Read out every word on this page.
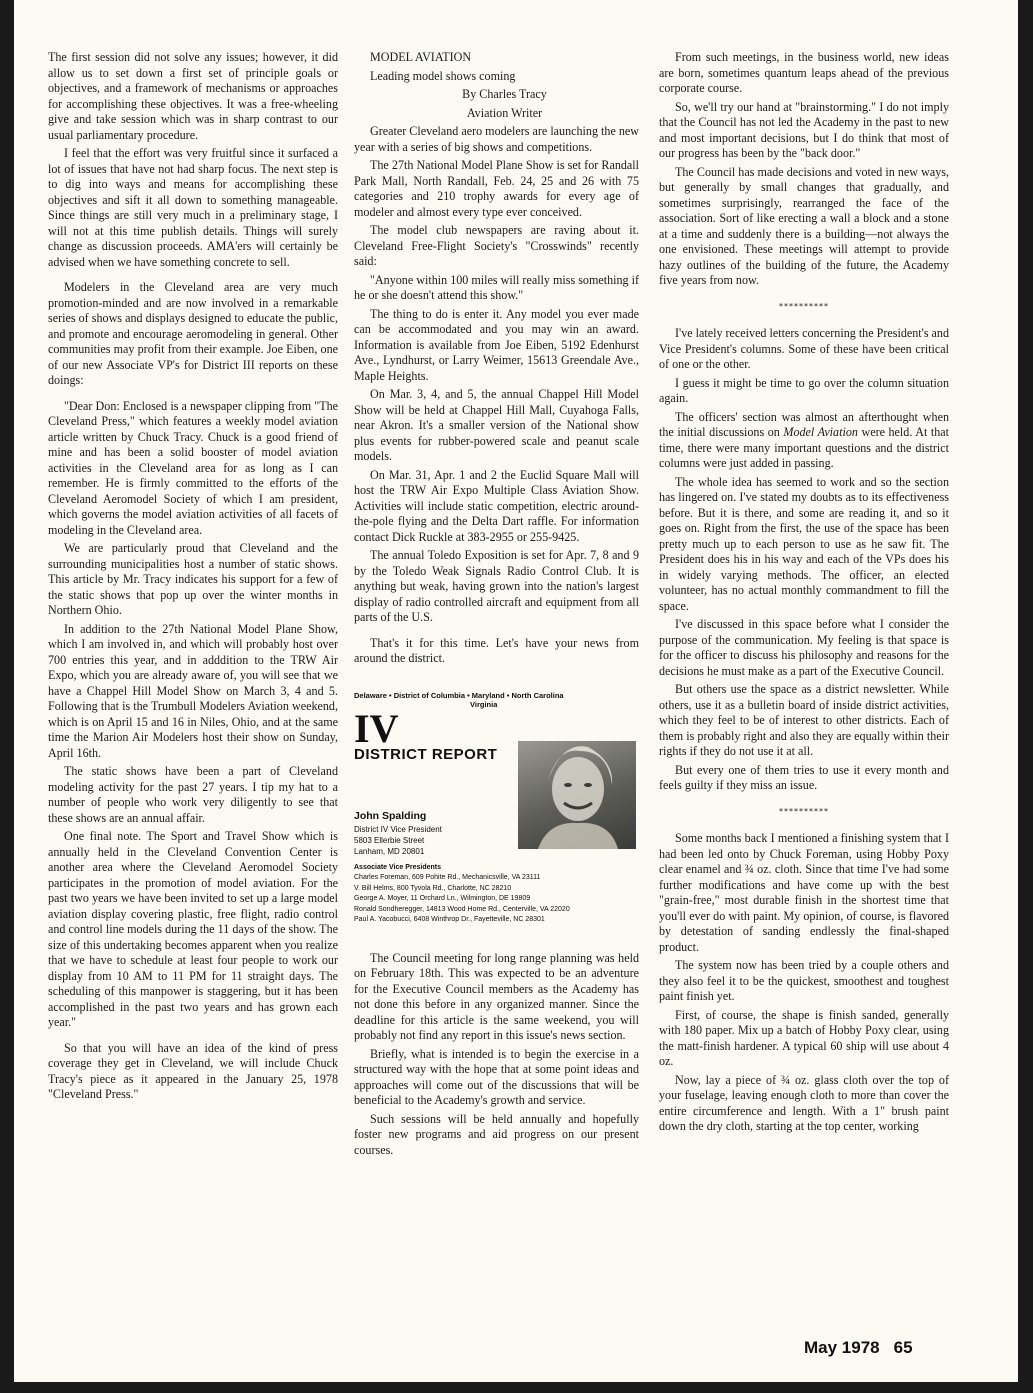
The first session did not solve any issues; however, it did allow us to set down a first set of principle goals or objectives, and a framework of mechanisms or approaches for accomplishing these objectives. It was a free-wheeling give and take session which was in sharp contrast to our usual parliamentary procedure.

I feel that the effort was very fruitful since it surfaced a lot of issues that have not had sharp focus. The next step is to dig into ways and means for accomplishing these objectives and sift it all down to something manageable. Since things are still very much in a preliminary stage, I will not at this time publish details. Things will surely change as discussion proceeds. AMA'ers will certainly be advised when we have something concrete to sell.

Modelers in the Cleveland area are very much promotion-minded and are now involved in a remarkable series of shows and displays designed to educate the public, and promote and encourage aeromodeling in general. Other communities may profit from their example. Joe Eiben, one of our new Associate VP's for District III reports on these doings:

"Dear Don: Enclosed is a newspaper clipping from "The Cleveland Press," which features a weekly model aviation article written by Chuck Tracy. Chuck is a good friend of mine and has been a solid booster of model aviation activities in the Cleveland area for as long as I can remember. He is firmly committed to the efforts of the Cleveland Aeromodel Society of which I am president, which governs the model aviation activities of all facets of modeling in the Cleveland area.

We are particularly proud that Cleveland and the surrounding municipalities host a number of static shows. This article by Mr. Tracy indicates his support for a few of the static shows that pop up over the winter months in Northern Ohio.

In addition to the 27th National Model Plane Show, which I am involved in, and which will probably host over 700 entries this year, and in adddition to the TRW Air Expo, which you are already aware of, you will see that we have a Chappel Hill Model Show on March 3, 4 and 5. Following that is the Trumbull Modelers Aviation weekend, which is on April 15 and 16 in Niles, Ohio, and at the same time the Marion Air Modelers host their show on Sunday, April 16th.

The static shows have been a part of Cleveland modeling activity for the past 27 years. I tip my hat to a number of people who work very diligently to see that these shows are an annual affair.

One final note. The Sport and Travel Show which is annually held in the Cleveland Convention Center is another area where the Cleveland Aeromodel Society participates in the promotion of model aviation. For the past two years we have been invited to set up a large model aviation display covering plastic, free flight, radio control and control line models during the 11 days of the show. The size of this undertaking becomes apparent when you realize that we have to schedule at least four people to work our display from 10 AM to 11 PM for 11 straight days. The scheduling of this manpower is staggering, but it has been accomplished in the past two years and has grown each year."

So that you will have an idea of the kind of press coverage they get in Cleveland, we will include Chuck Tracy's piece as it appeared in the January 25, 1978 "Cleveland Press."

MODEL AVIATION

Leading model shows coming

By Charles Tracy

Aviation Writer

Greater Cleveland aero modelers are launching the new year with a series of big shows and competitions.

The 27th National Model Plane Show is set for Randall Park Mall, North Randall, Feb. 24, 25 and 26 with 75 categories and 210 trophy awards for every age of modeler and almost every type ever conceived.

The model club newspapers are raving about it. Cleveland Free-Flight Society's "Crosswinds" recently said:

"Anyone within 100 miles will really miss something if he or she doesn't attend this show."

The thing to do is enter it. Any model you ever made can be accommodated and you may win an award. Information is available from Joe Eiben, 5192 Edenhurst Ave., Lyndhurst, or Larry Weimer, 15613 Greendale Ave., Maple Heights.

On Mar. 3, 4, and 5, the annual Chappel Hill Model Show will be held at Chappel Hill Mall, Cuyahoga Falls, near Akron. It's a smaller version of the National show plus events for rubber-powered scale and peanut scale models.

On Mar. 31, Apr. 1 and 2 the Euclid Square Mall will host the TRW Air Expo Multiple Class Aviation Show. Activities will include static competition, electric around-the-pole flying and the Delta Dart raffle. For information contact Dick Ruckle at 383-2955 or 255-9425.

The annual Toledo Exposition is set for Apr. 7, 8 and 9 by the Toledo Weak Signals Radio Control Club. It is anything but weak, having grown into the nation's largest display of radio controlled aircraft and equipment from all parts of the U.S.

That's it for this time. Let's have your news from around the district.

Delaware • District of Columbia • Maryland • North Carolina
Virginia
IV
DISTRICT REPORT
John Spalding
District IV Vice President
5803 Ellerbie Street
Lanham, MD 20801
Associate Vice Presidents
Charles Foreman, 609 Pohite Rd., Mechanicsville, VA 23111
V. Bill Helms, 800 Tyvola Rd., Charlotte, NC 28210
George A. Moyer, 11 Orchard Ln., Wilmington, DE 19809
Ronald Sondheregger, 14813 Wood Home Rd., Centerville, VA 22020
Paul A. Yacobucci, 6408 Winthrop Dr., Fayetteville, NC 28301

The Council meeting for long range planning was held on February 18th. This was expected to be an adventure for the Executive Council members as the Academy has not done this before in any organized manner. Since the deadline for this article is the same weekend, you will probably not find any report in this issue's news section.

Briefly, what is intended is to begin the exercise in a structured way with the hope that at some point ideas and approaches will come out of the discussions that will be beneficial to the Academy's growth and service.

Such sessions will be held annually and hopefully foster new programs and aid progress on our present courses.

From such meetings, in the business world, new ideas are born, sometimes quantum leaps ahead of the previous corporate course.

So, we'll try our hand at "brainstorming." I do not imply that the Council has not led the Academy in the past to new and most important decisions, but I do think that most of our progress has been by the "back door."

The Council has made decisions and voted in new ways, but generally by small changes that gradually, and sometimes surprisingly, rearranged the face of the association. Sort of like erecting a wall a block and a stone at a time and suddenly there is a building—not always the one envisioned. These meetings will attempt to provide hazy outlines of the building of the future, the Academy five years from now.

**********

I've lately received letters concerning the President's and Vice President's columns. Some of these have been critical of one or the other.

I guess it might be time to go over the column situation again.

The officers' section was almost an afterthought when the initial discussions on Model Aviation were held. At that time, there were many important questions and the district columns were just added in passing.

The whole idea has seemed to work and so the section has lingered on. I've stated my doubts as to its effectiveness before. But it is there, and some are reading it, and so it goes on. Right from the first, the use of the space has been pretty much up to each person to use as he saw fit. The President does his in his way and each of the VPs does his in widely varying methods. The officer, an elected volunteer, has no actual monthly commandment to fill the space.

I've discussed in this space before what I consider the purpose of the communication. My feeling is that space is for the officer to discuss his philosophy and reasons for the decisions he must make as a part of the Executive Council.

But others use the space as a district newsletter. While others, use it as a bulletin board of inside district activities, which they feel to be of interest to other districts. Each of them is probably right and also they are equally within their rights if they do not use it at all.

But every one of them tries to use it every month and feels guilty if they miss an issue.

**********

Some months back I mentioned a finishing system that I had been led onto by Chuck Foreman, using Hobby Poxy clear enamel and ¾ oz. cloth. Since that time I've had some further modifications and have come up with the best "grain-free," most durable finish in the shortest time that you'll ever do with paint. My opinion, of course, is flavored by detestation of sanding endlessly the final-shaped product.

The system now has been tried by a couple others and they also feel it to be the quickest, smoothest and toughest paint finish yet.

First, of course, the shape is finish sanded, generally with 180 paper. Mix up a batch of Hobby Poxy clear, using the matt-finish hardener. A typical 60 ship will use about 4 oz.

Now, lay a piece of ¾ oz. glass cloth over the top of your fuselage, leaving enough cloth to more than cover the entire circumference and length. With a 1" brush paint down the dry cloth, starting at the top center, working

May 1978 65
